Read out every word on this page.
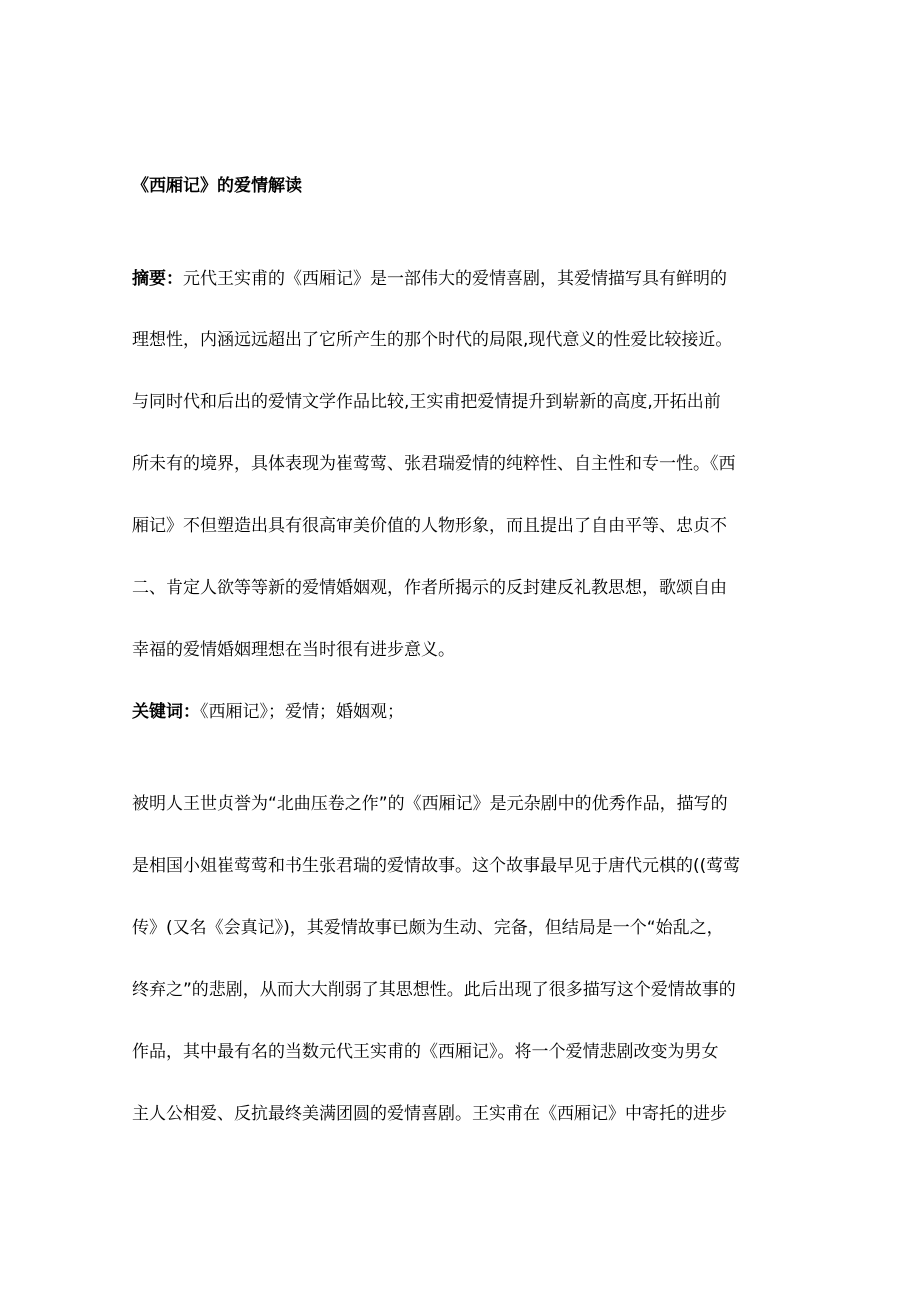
《西厢记》的爱情解读
摘要：元代王实甫的《西厢记》是一部伟大的爱情喜剧，其爱情描写具有鲜明的
理想性，内涵远远超出了它所产生的那个时代的局限,现代意义的性爱比较接近。
与同时代和后出的爱情文学作品比较,王实甫把爱情提升到崭新的高度,开拓出前
所未有的境界，具体表现为崔莺莺、张君瑞爱情的纯粹性、自主性和专一性。《西
厢记》不但塑造出具有很高审美价值的人物形象，而且提出了自由平等、忠贞不
二、肯定人欲等等新的爱情婚姻观，作者所揭示的反封建反礼教思想，歌颂自由
幸福的爱情婚姻理想在当时很有进步意义。
关键词：《西厢记》；爱情；婚姻观；
被明人王世贞誉为“北曲压卷之作”的《西厢记》是元杂剧中的优秀作品，描写的
是相国小姐崔莺莺和书生张君瑞的爱情故事。这个故事最早见于唐代元棋的((莺莺
传》(又名《会真记》)，其爱情故事已颇为生动、完备，但结局是一个“始乱之，
终弃之”的悲剧，从而大大削弱了其思想性。此后出现了很多描写这个爱情故事的
作品，其中最有名的当数元代王实甫的《西厢记》。将一个爱情悲剧改变为男女
主人公相爱、反抗最终美满团圆的爱情喜剧。王实甫在《西厢记》中寄托的进步
